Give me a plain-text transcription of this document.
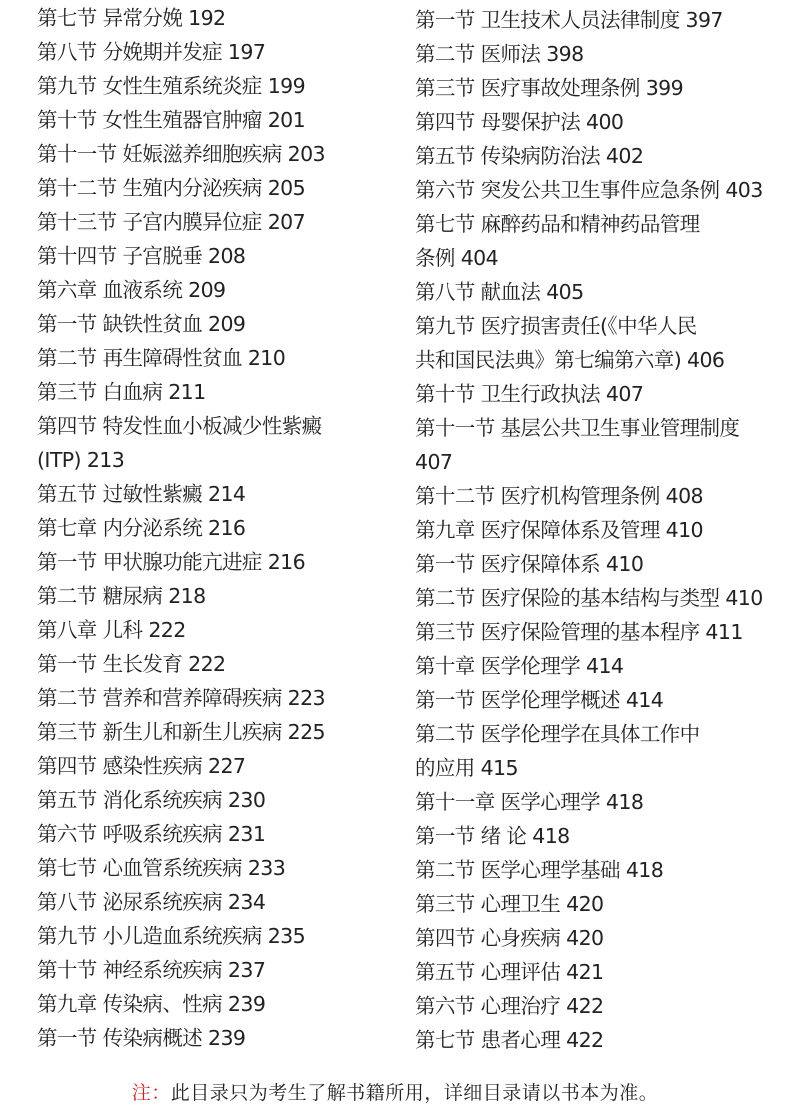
第七节 异常分娩 192
第八节 分娩期并发症 197
第九节 女性生殖系统炎症 199
第十节 女性生殖器官肿瘤 201
第十一节 妊娠滋养细胞疾病 203
第十二节 生殖内分泌疾病 205
第十三节 子宫内膜异位症 207
第十四节 子宫脱垂 208
第六章 血液系统 209
第一节 缺铁性贫血 209
第二节 再生障碍性贫血 210
第三节 白血病 211
第四节 特发性血小板减少性紫癜
(ITP) 213
第五节 过敏性紫癜 214
第七章 内分泌系统 216
第一节 甲状腺功能亢进症 216
第二节 糖尿病 218
第八章 儿科 222
第一节 生长发育 222
第二节 营养和营养障碍疾病 223
第三节 新生儿和新生儿疾病 225
第四节 感染性疾病 227
第五节 消化系统疾病 230
第六节 呼吸系统疾病 231
第七节 心血管系统疾病 233
第八节 泌尿系统疾病 234
第九节 小儿造血系统疾病 235
第十节 神经系统疾病 237
第九章 传染病、性病 239
第一节 传染病概述 239
第一节 卫生技术人员法律制度 397
第二节 医师法 398
第三节 医疗事故处理条例 399
第四节 母婴保护法 400
第五节 传染病防治法 402
第六节 突发公共卫生事件应急条例 403
第七节 麻醉药品和精神药品管理
条例 404
第八节 献血法 405
第九节 医疗损害责任(《中华人民
共和国民法典》第七编第六章) 406
第十节 卫生行政执法 407
第十一节 基层公共卫生事业管理制度
407
第十二节 医疗机构管理条例 408
第九章 医疗保障体系及管理 410
第一节 医疗保障体系 410
第二节 医疗保险的基本结构与类型 410
第三节 医疗保险管理的基本程序 411
第十章 医学伦理学 414
第一节 医学伦理学概述 414
第二节 医学伦理学在具体工作中
的应用 415
第十一章 医学心理学 418
第一节 绪 论 418
第二节 医学心理学基础 418
第三节 心理卫生 420
第四节 心身疾病 420
第五节 心理评估 421
第六节 心理治疗 422
第七节 患者心理 422
注：此目录只为考生了解书籍所用，详细目录请以书本为准。
